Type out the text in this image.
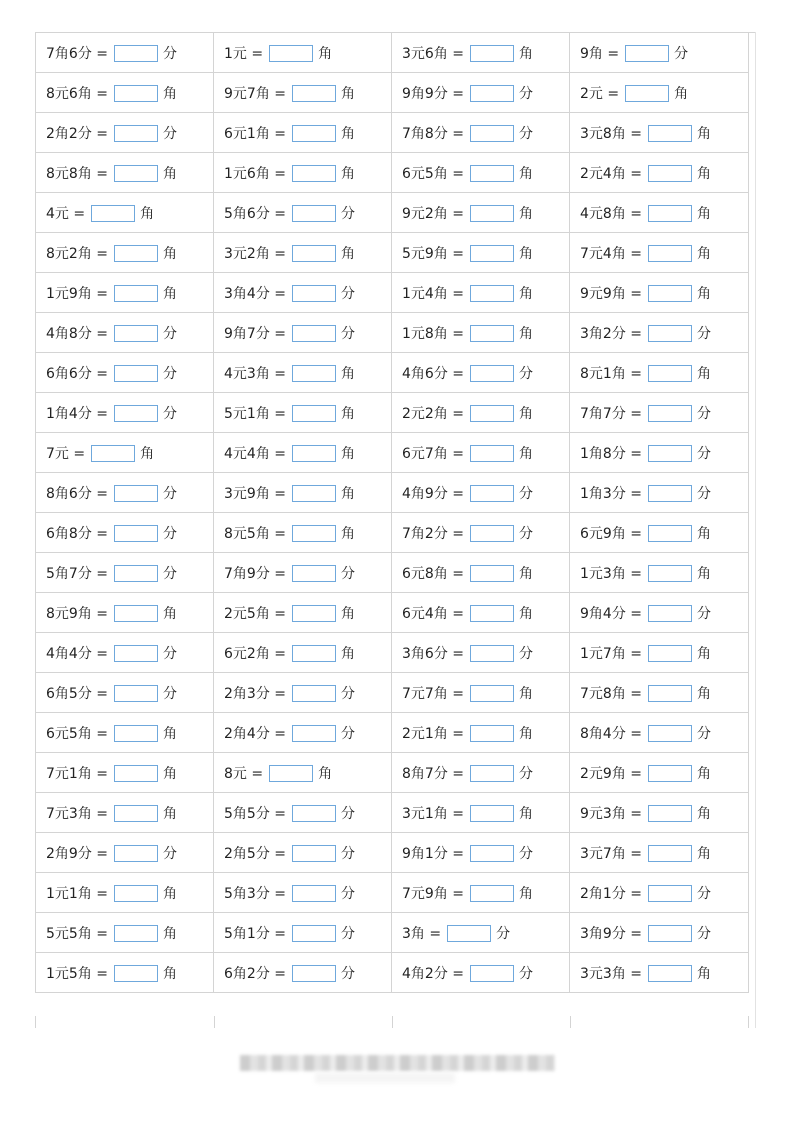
7角6分 = 分	1元 = 角	3元6角 = 角	9角 = 分
8元6角 = 角	9元7角 = 角	9角9分 = 分	2元 = 角
2角2分 = 分	6元1角 = 角	7角8分 = 分	3元8角 = 角
8元8角 = 角	1元6角 = 角	6元5角 = 角	2元4角 = 角
4元 = 角	5角6分 = 分	9元2角 = 角	4元8角 = 角
8元2角 = 角	3元2角 = 角	5元9角 = 角	7元4角 = 角
1元9角 = 角	3角4分 = 分	1元4角 = 角	9元9角 = 角
4角8分 = 分	9角7分 = 分	1元8角 = 角	3角2分 = 分
6角6分 = 分	4元3角 = 角	4角6分 = 分	8元1角 = 角
1角4分 = 分	5元1角 = 角	2元2角 = 角	7角7分 = 分
7元 = 角	4元4角 = 角	6元7角 = 角	1角8分 = 分
8角6分 = 分	3元9角 = 角	4角9分 = 分	1角3分 = 分
6角8分 = 分	8元5角 = 角	7角2分 = 分	6元9角 = 角
5角7分 = 分	7角9分 = 分	6元8角 = 角	1元3角 = 角
8元9角 = 角	2元5角 = 角	6元4角 = 角	9角4分 = 分
4角4分 = 分	6元2角 = 角	3角6分 = 分	1元7角 = 角
6角5分 = 分	2角3分 = 分	7元7角 = 角	7元8角 = 角
6元5角 = 角	2角4分 = 分	2元1角 = 角	8角4分 = 分
7元1角 = 角	8元 = 角	8角7分 = 分	2元9角 = 角
7元3角 = 角	5角5分 = 分	3元1角 = 角	9元3角 = 角
2角9分 = 分	2角5分 = 分	9角1分 = 分	3元7角 = 角
1元1角 = 角	5角3分 = 分	7元9角 = 角	2角1分 = 分
5元5角 = 角	5角1分 = 分	3角 = 分	3角9分 = 分
1元5角 = 角	6角2分 = 分	4角2分 = 分	3元3角 = 角
